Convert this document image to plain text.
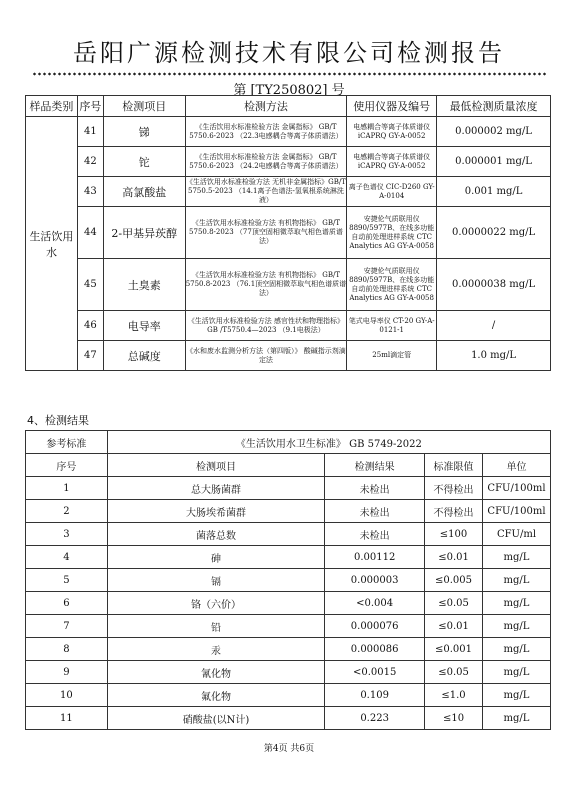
岳阳广源检测技术有限公司检测报告
第 [TY250802] 号
样品类别	序号	检测项目	检测方法	使用仪器及编号	最低检测质量浓度
生活饮用水	41	锑	《生活饮用水标准检验方法 金属指标》 GB/T 5750.6-2023 （22.3电感耦合等离子体质谱法）	电感耦合等离子体质谱仪iCAPRQ GY-A-0052	0.000002 mg/L
	42	铊	《生活饮用水标准检验方法 金属指标》 GB/T 5750.6-2023 （24.2电感耦合等离子体质谱法）	电感耦合等离子体质谱仪iCAPRQ GY-A-0052	0.000001 mg/L
	43	高氯酸盐	《生活饮用水标准检验方法 无机非金属指标》GB/T 5750.5-2023 （14.1离子色谱法-氢氧根系统淋洗液）	离子色谱仪 CIC-D260 GY-A-0104	0.001 mg/L
	44	2-甲基异莰醇	《生活饮用水标准检验方法 有机物指标》 GB/T 5750.8-2023 （77顶空固相微萃取气相色谱质谱法）	安捷伦气质联用仪 8890/5977B、在线多功能自动前处理进样系统 CTC Analytics AG GY-A-0058	0.0000022 mg/L
	45	土臭素	《生活饮用水标准检验方法 有机物指标》 GB/T 5750.8-2023 （76.1顶空固相微萃取气相色谱质谱法）	安捷伦气质联用仪 8890/5977B、在线多功能自动前处理进样系统 CTC Analytics AG GY-A-0058	0.0000038 mg/L
	46	电导率	《生活饮用水标准检验方法 感官性状和物理指标》GB /T5750.4—2023 （9.1电极法）	笔式电导率仪 CT-20 GY-A-0121-1	/
	47	总碱度	《水和废水监测分析方法（第四版）》 酸碱指示剂滴定法	25ml滴定管	1.0 mg/L
4、检测结果
参考标准	《生活饮用水卫生标准》 GB 5749-2022			
序号	检测项目	检测结果	标准限值	单位
1	总大肠菌群	未检出	不得检出	CFU/100ml
2	大肠埃希菌群	未检出	不得检出	CFU/100ml
3	菌落总数	未检出	≤100	CFU/ml
4	砷	0.00112	≤0.01	mg/L
5	镉	0.000003	≤0.005	mg/L
6	铬（六价）	<0.004	≤0.05	mg/L
7	铅	0.000076	≤0.01	mg/L
8	汞	0.000086	≤0.001	mg/L
9	氰化物	<0.0015	≤0.05	mg/L
10	氟化物	0.109	≤1.0	mg/L
11	硝酸盐(以N计)	0.223	≤10	mg/L
第4页 共6页
